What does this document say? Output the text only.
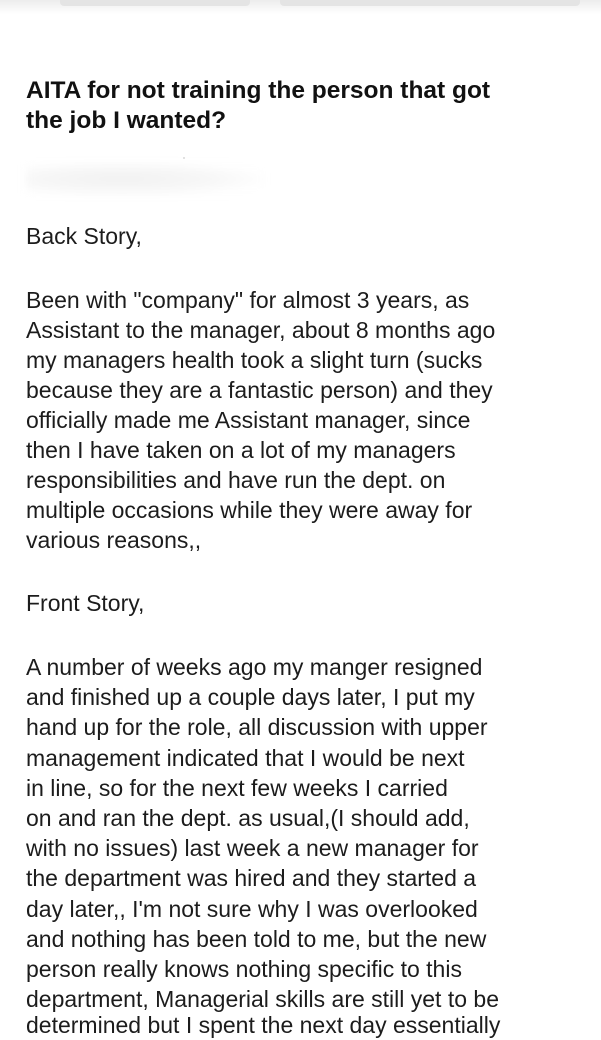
AITA for not training the person that got
the job I wanted?
Back Story,
Been with "company" for almost 3 years, as
Assistant to the manager, about 8 months ago
my managers health took a slight turn (sucks
because they are a fantastic person) and they
officially made me Assistant manager, since
then I have taken on a lot of my managers
responsibilities and have run the dept. on
multiple occasions while they were away for
various reasons,,
Front Story,
A number of weeks ago my manger resigned
and finished up a couple days later, I put my
hand up for the role, all discussion with upper
management indicated that I would be next
in line, so for the next few weeks I carried
on and ran the dept. as usual,(I should add,
with no issues) last week a new manager for
the department was hired and they started a
day later,, I'm not sure why I was overlooked
and nothing has been told to me, but the new
person really knows nothing specific to this
department, Managerial skills are still yet to be
determined but I spent the next day essentially
